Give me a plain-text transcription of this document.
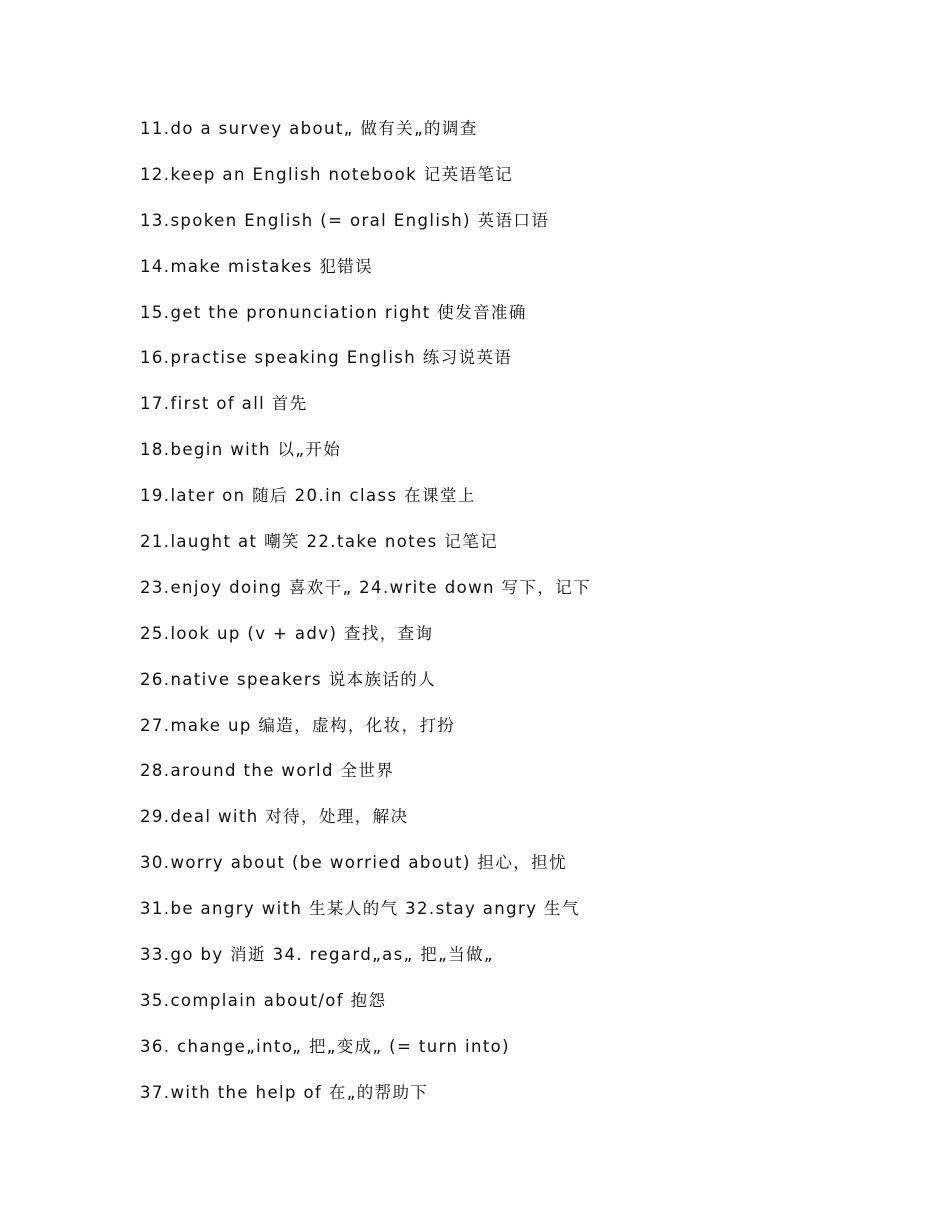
11.do a survey about„ 做有关„的调查
12.keep an English notebook 记英语笔记
13.spoken English (= oral English) 英语口语
14.make mistakes 犯错误
15.get the pronunciation right 使发音准确
16.practise speaking English 练习说英语
17.first of all 首先
18.begin with 以„开始
19.later on 随后 20.in class 在课堂上
21.laught at 嘲笑 22.take notes 记笔记
23.enjoy doing 喜欢干„ 24.write down 写下，记下
25.look up (v + adv) 查找，查询
26.native speakers 说本族话的人
27.make up 编造，虚构，化妆，打扮
28.around the world 全世界
29.deal with 对待，处理，解决
30.worry about (be worried about) 担心，担忧
31.be angry with 生某人的气 32.stay angry 生气
33.go by 消逝 34. regard„as„ 把„当做„
35.complain about/of 抱怨
36. change„into„ 把„变成„ (= turn into)
37.with the help of 在„的帮助下
